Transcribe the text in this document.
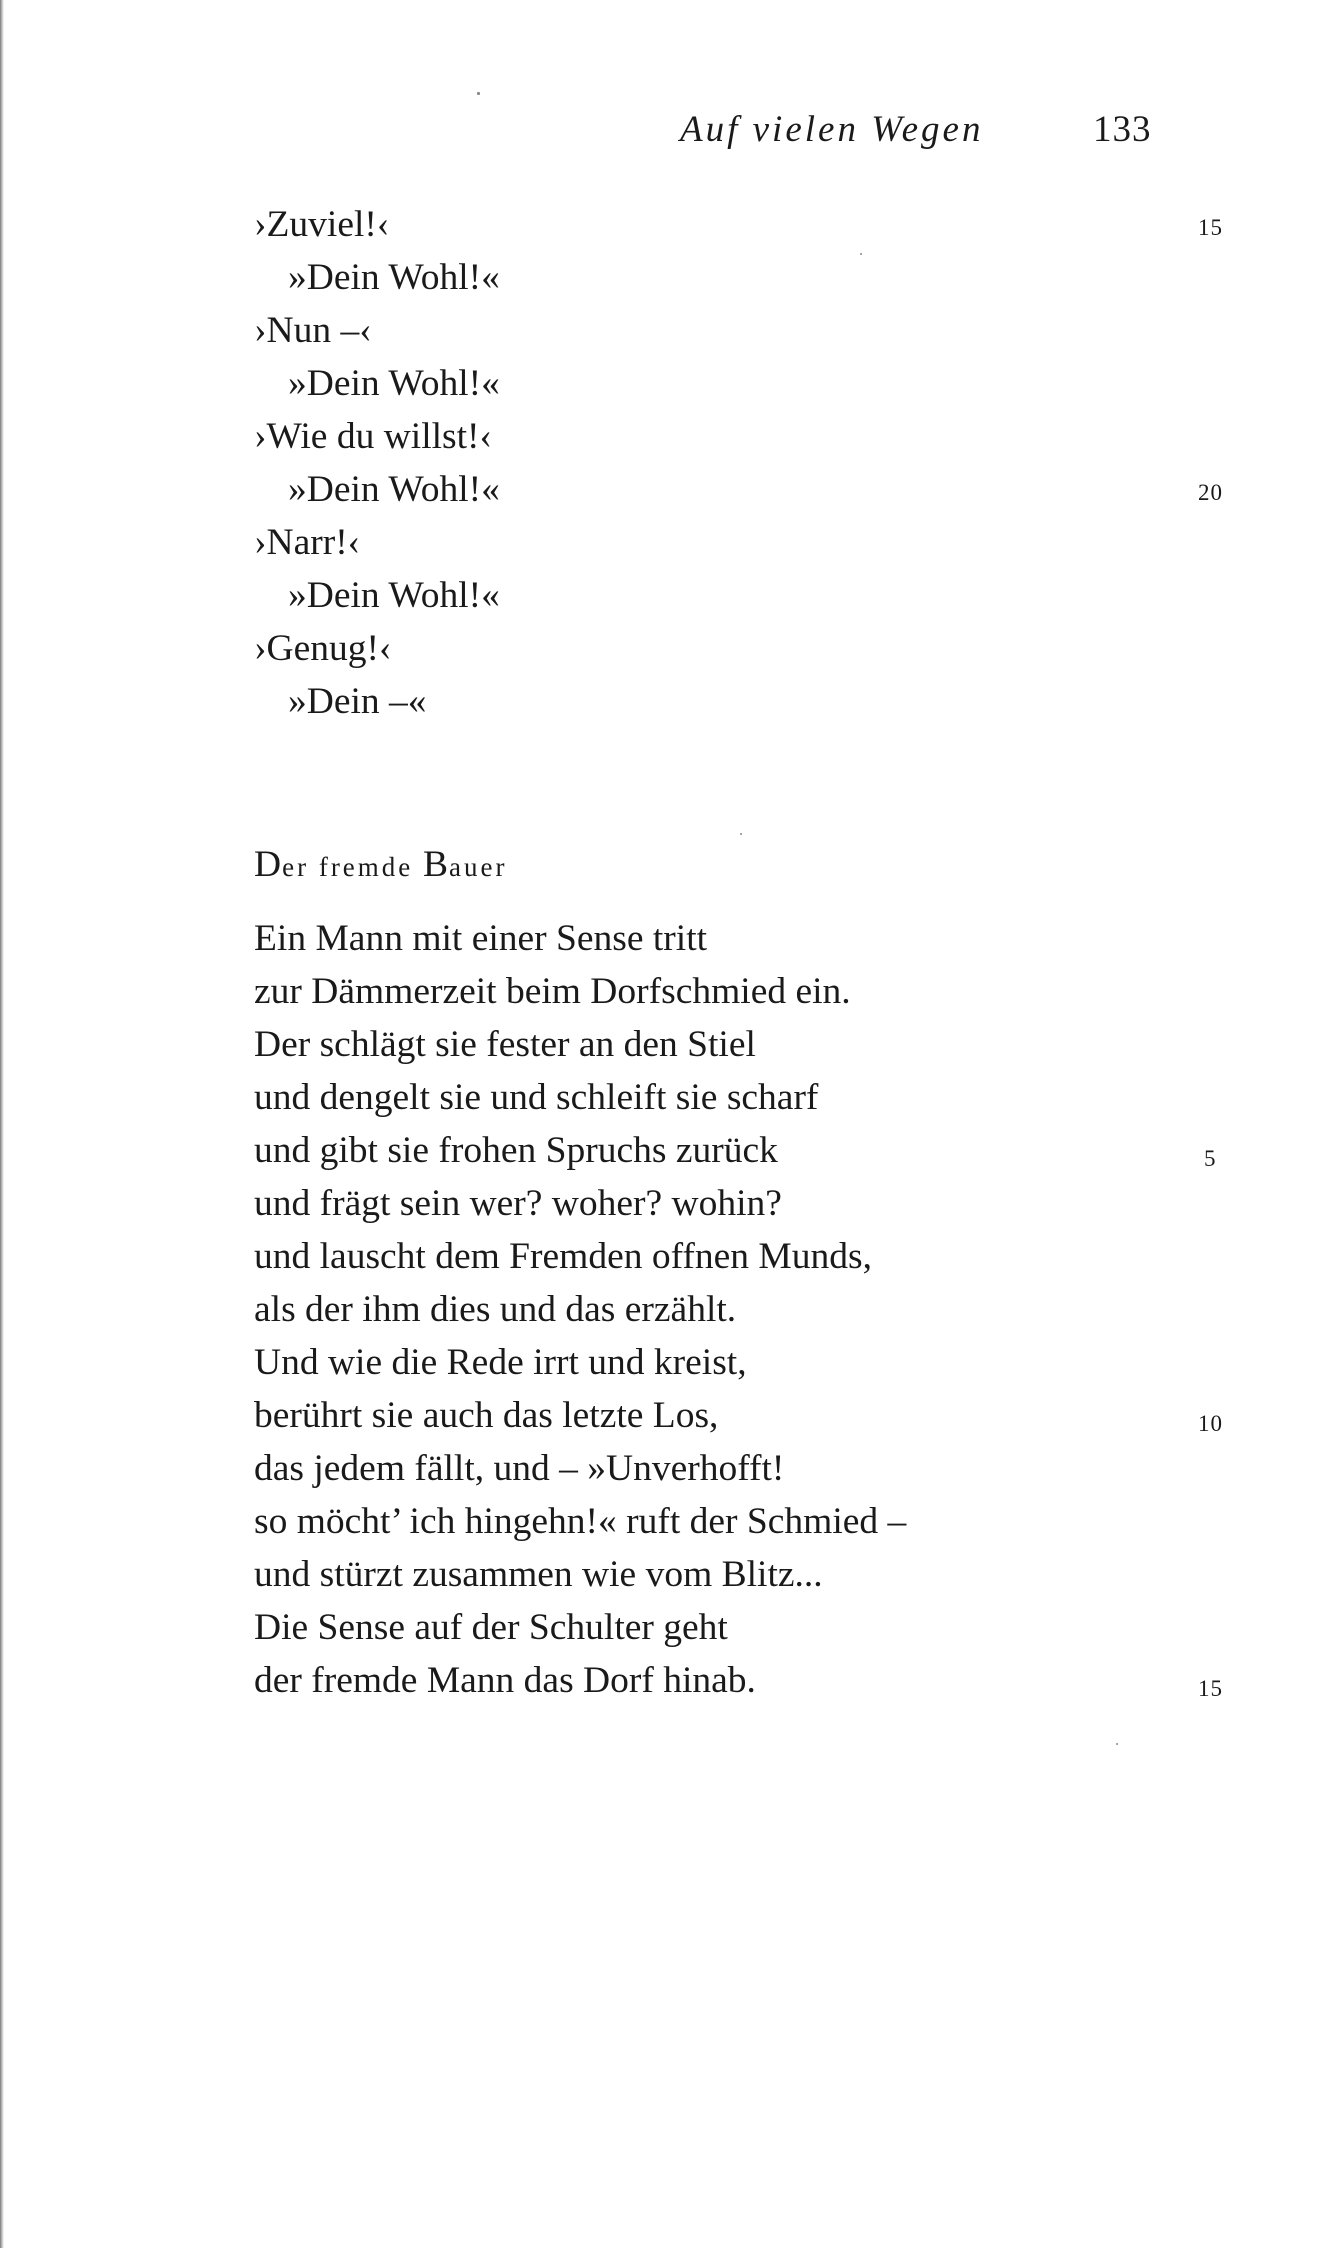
Auf vielen Wegen	133
›Zuviel!‹
»Dein Wohl!«
›Nun –‹
»Dein Wohl!«
›Wie du willst!‹
»Dein Wohl!«
›Narr!‹
»Dein Wohl!«
›Genug!‹
»Dein –«
15
20
Der fremde Bauer
Ein Mann mit einer Sense tritt
zur Dämmerzeit beim Dorfschmied ein.
Der schlägt sie fester an den Stiel
und dengelt sie und schleift sie scharf
und gibt sie frohen Spruchs zurück
und frägt sein wer? woher? wohin?
und lauscht dem Fremden offnen Munds,
als der ihm dies und das erzählt.
Und wie die Rede irrt und kreist,
berührt sie auch das letzte Los,
das jedem fällt, und – »Unverhofft!
so möcht’ ich hingehn!« ruft der Schmied –
und stürzt zusammen wie vom Blitz...
Die Sense auf der Schulter geht
der fremde Mann das Dorf hinab.
5
10
15
